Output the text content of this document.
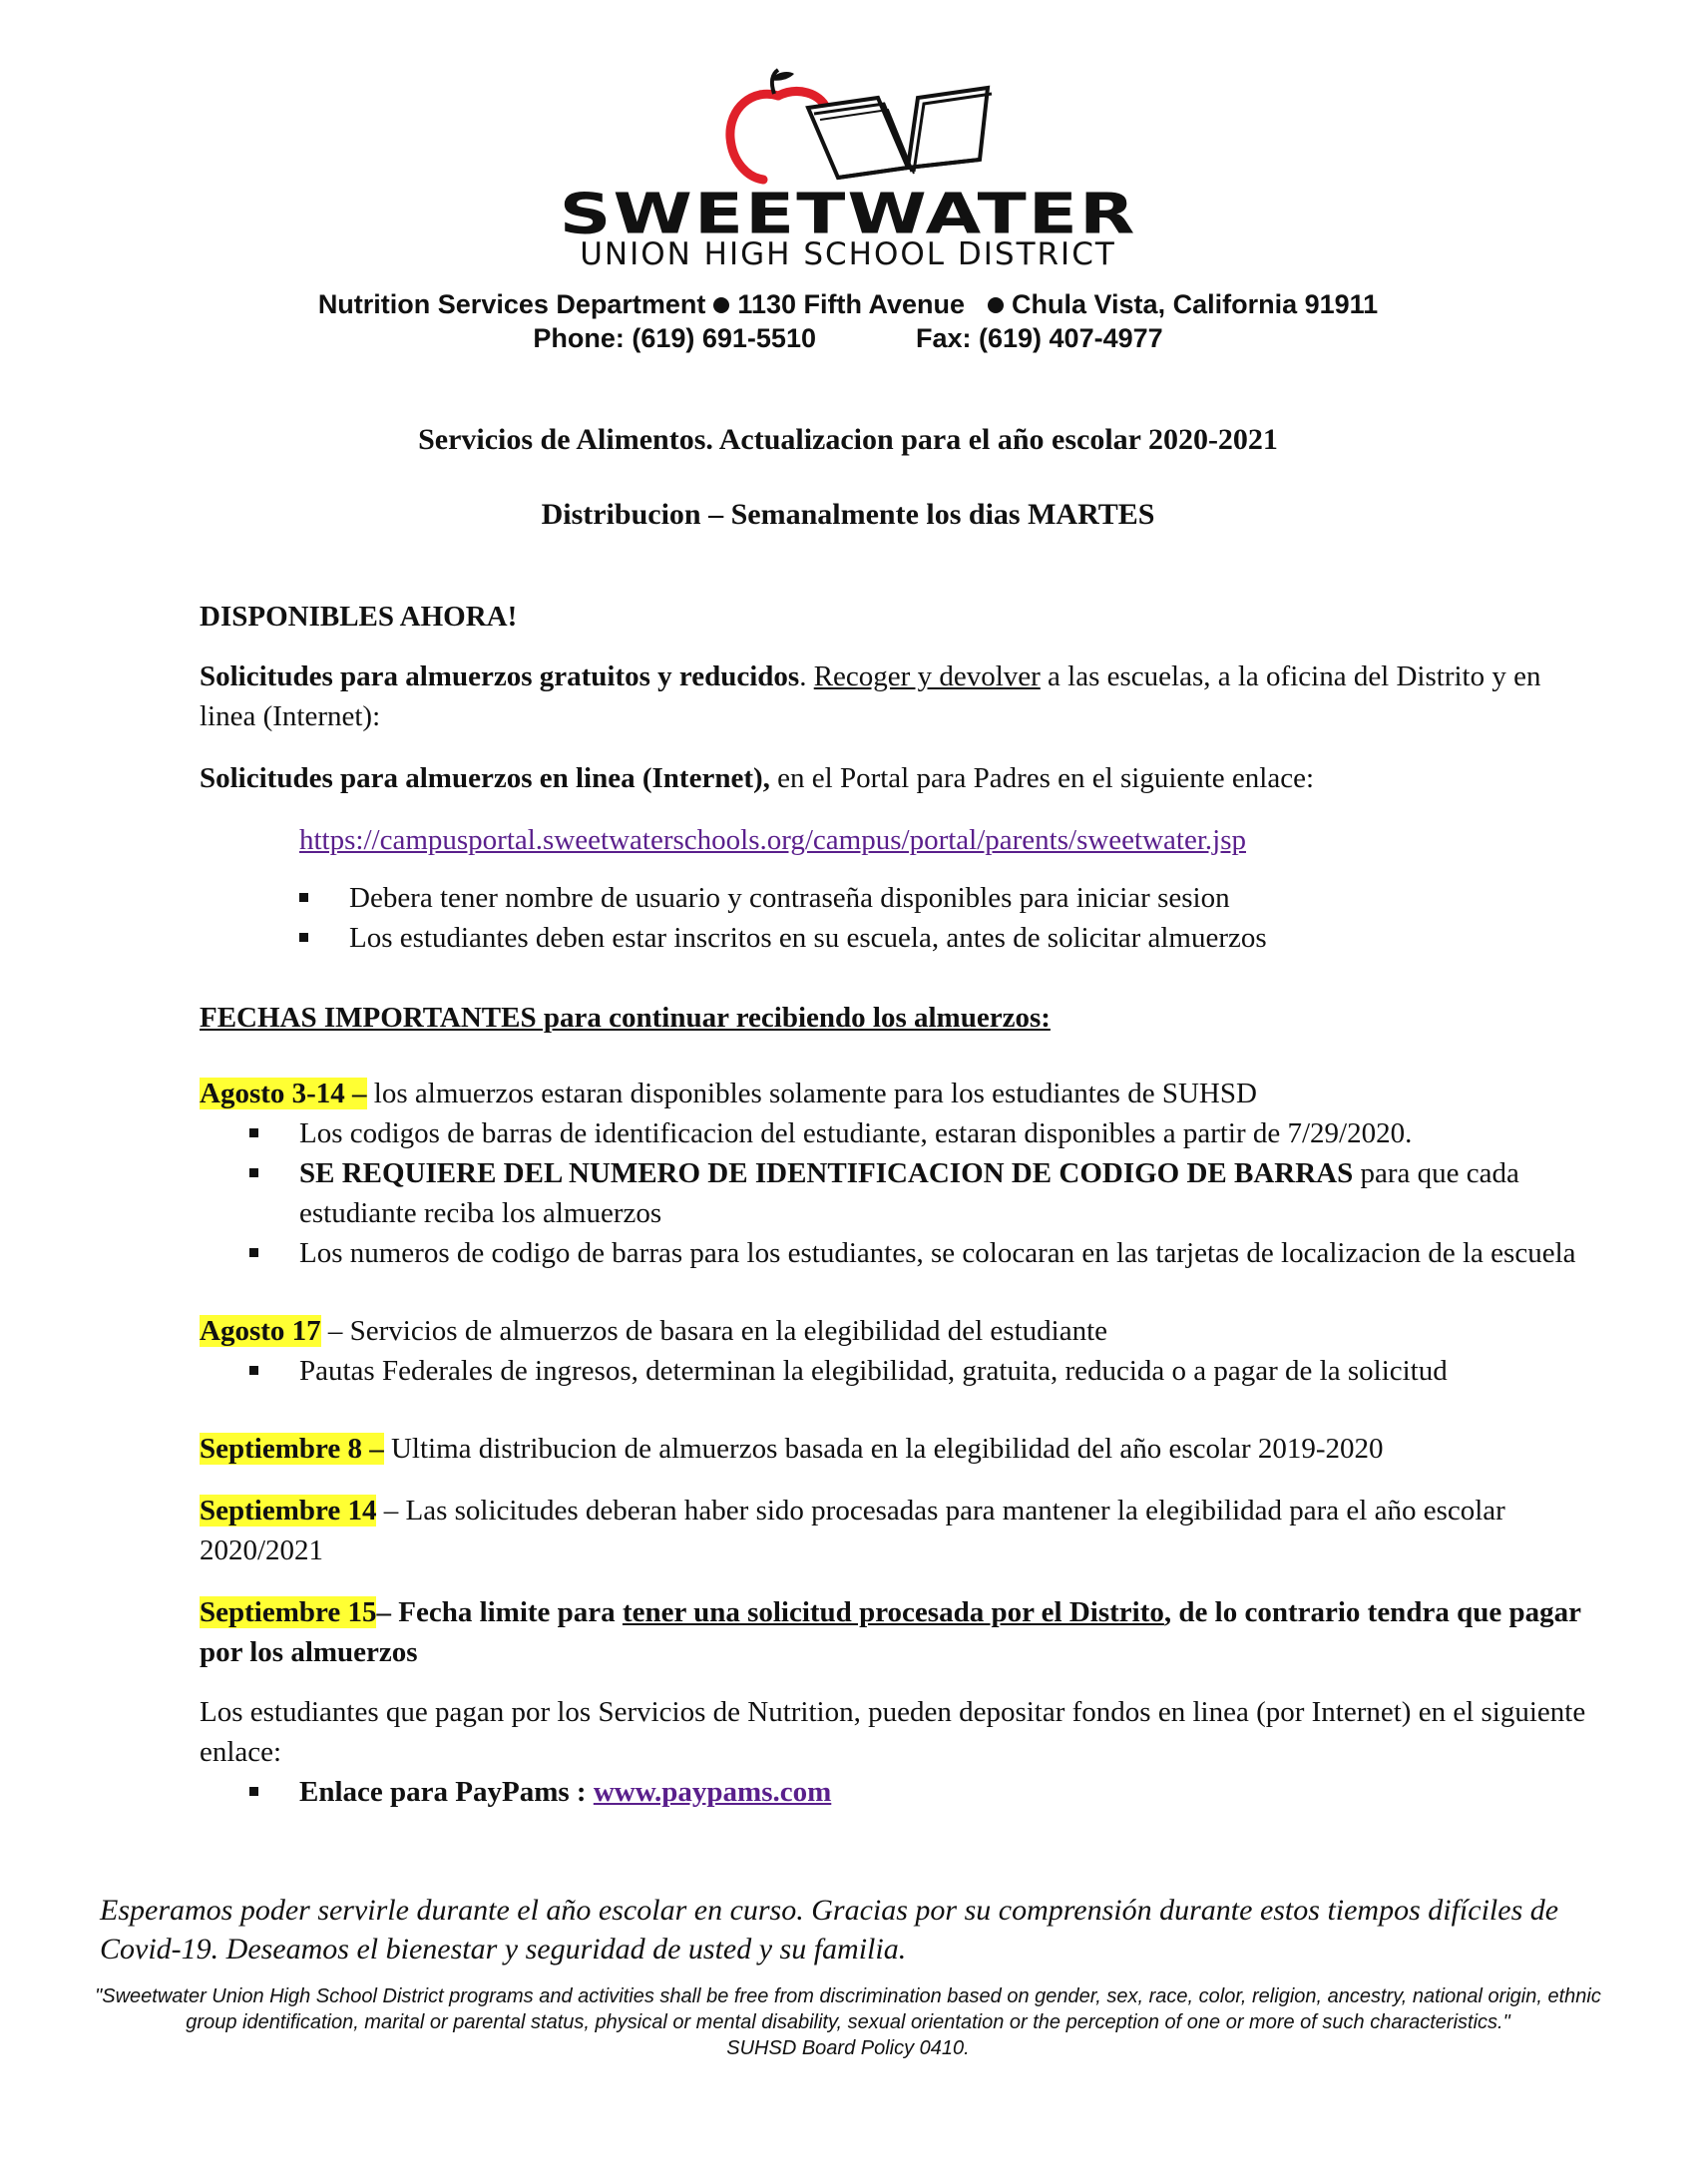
SWEETWATER
UNION HIGH SCHOOL DISTRICT
Nutrition Services Department 1130 Fifth Avenue Chula Vista, California 91911
Phone: (619) 691-5510	Fax: (619) 407-4977
Servicios de Alimentos. Actualizacion para el año escolar 2020-2021
Distribucion – Semanalmente los dias MARTES
DISPONIBLES AHORA!
Solicitudes para almuerzos gratuitos y reducidos. Recoger y devolver a las escuelas, a la oficina del Distrito y en linea (Internet):
Solicitudes para almuerzos en linea (Internet), en el Portal para Padres en el siguiente enlace:
https://campusportal.sweetwaterschools.org/campus/portal/parents/sweetwater.jsp
Debera tener nombre de usuario y contraseña disponibles para iniciar sesion
Los estudiantes deben estar inscritos en su escuela, antes de solicitar almuerzos
FECHAS IMPORTANTES para continuar recibiendo los almuerzos:
Agosto 3-14 – los almuerzos estaran disponibles solamente para los estudiantes de SUHSD
Los codigos de barras de identificacion del estudiante, estaran disponibles a partir de 7/29/2020.
SE REQUIERE DEL NUMERO DE IDENTIFICACION DE CODIGO DE BARRAS para que cada estudiante reciba los almuerzos
Los numeros de codigo de barras para los estudiantes, se colocaran en las tarjetas de localizacion de la escuela
Agosto 17 – Servicios de almuerzos de basara en la elegibilidad del estudiante
Pautas Federales de ingresos, determinan la elegibilidad, gratuita, reducida o a pagar de la solicitud
Septiembre 8 – Ultima distribucion de almuerzos basada en la elegibilidad del año escolar 2019-2020
Septiembre 14 – Las solicitudes deberan haber sido procesadas para mantener la elegibilidad para el año escolar 2020/2021
Septiembre 15– Fecha limite para tener una solicitud procesada por el Distrito, de lo contrario tendra que pagar por los almuerzos
Los estudiantes que pagan por los Servicios de Nutrition, pueden depositar fondos en linea (por Internet) en el siguiente enlace:
Enlace para PayPams : www.paypams.com
Esperamos poder servirle durante el año escolar en curso. Gracias por su comprensión durante estos tiempos difíciles de Covid-19. Deseamos el bienestar y seguridad de usted y su familia.
"Sweetwater Union High School District programs and activities shall be free from discrimination based on gender, sex, race, color, religion, ancestry, national origin, ethnic group identification, marital or parental status, physical or mental disability, sexual orientation or the perception of one or more of such characteristics."
SUHSD Board Policy 0410.
